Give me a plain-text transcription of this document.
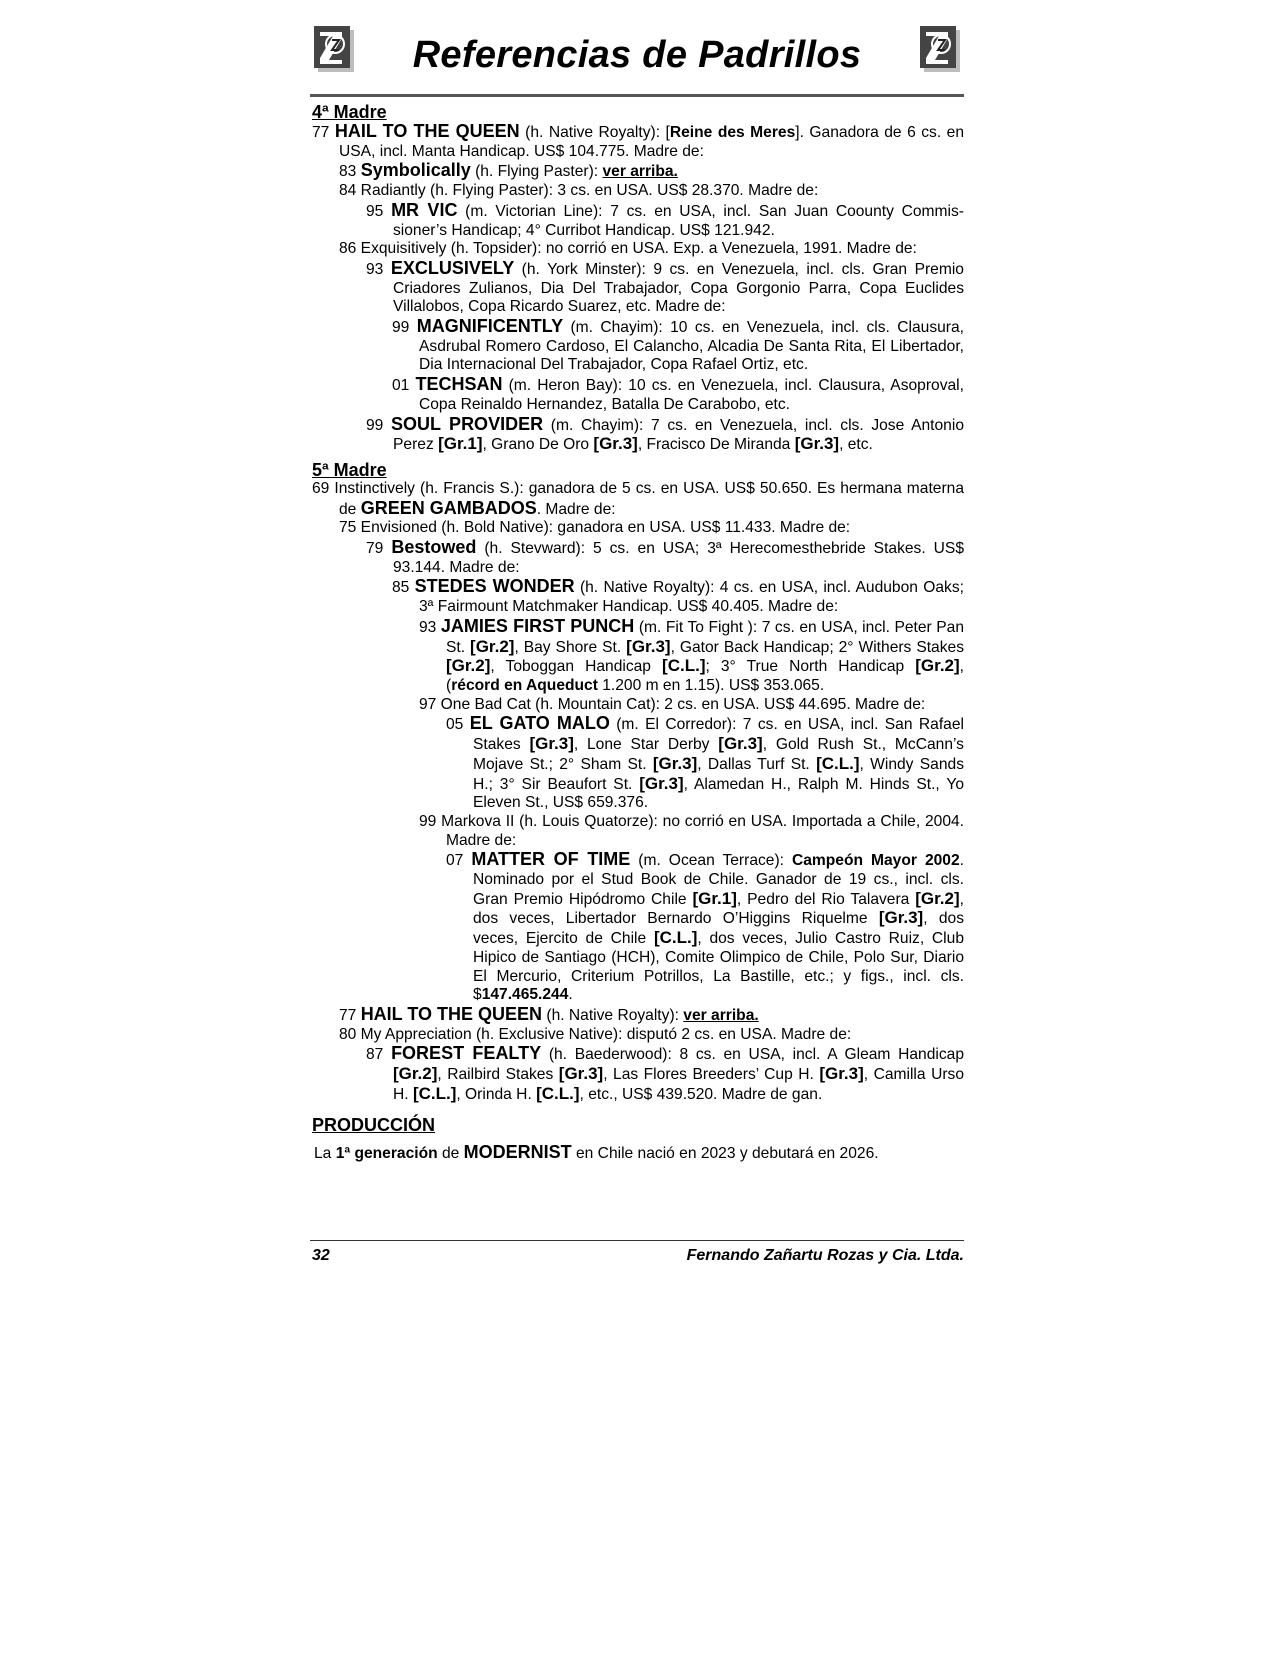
Referencias de Padrillos
4ª Madre
77 HAIL TO THE QUEEN (h. Native Royalty): [Reine des Meres]. Ganadora de 6 cs. en USA, incl. Manta Handicap. US$ 104.775. Madre de:
83 Symbolically (h. Flying Paster): ver arriba.
84 Radiantly (h. Flying Paster): 3 cs. en USA. US$ 28.370. Madre de:
95 MR VIC (m. Victorian Line): 7 cs. en USA, incl. San Juan Coounty Commissioner’s Handicap; 4° Curribot Handicap. US$ 121.942.
86 Exquisitively (h. Topsider): no corrió en USA. Exp. a Venezuela, 1991. Madre de:
93 EXCLUSIVELY (h. York Minster): 9 cs. en Venezuela, incl. cls. Gran Premio Criadores Zulianos, Dia Del Trabajador, Copa Gorgonio Parra, Copa Euclides Villalobos, Copa Ricardo Suarez, etc. Madre de:
99 MAGNIFICENTLY (m. Chayim): 10 cs. en Venezuela, incl. cls. Clausura, Asdrubal Romero Cardoso, El Calancho, Alcadia De Santa Rita, El Libertador, Dia Internacional Del Trabajador, Copa Rafael Ortiz, etc.
01 TECHSAN (m. Heron Bay): 10 cs. en Venezuela, incl. Clausura, Asoproval, Copa Reinaldo Hernandez, Batalla De Carabobo, etc.
99 SOUL PROVIDER (m. Chayim): 7 cs. en Venezuela, incl. cls. Jose Antonio Perez [Gr.1], Grano De Oro [Gr.3], Fracisco De Miranda [Gr.3], etc.
5ª Madre
69 Instinctively (h. Francis S.): ganadora de 5 cs. en USA. US$ 50.650. Es hermana materna de GREEN GAMBADOS. Madre de:
75 Envisioned (h. Bold Native): ganadora en USA. US$ 11.433. Madre de:
79 Bestowed (h. Stevward): 5 cs. en USA; 3ª Herecomesthebride Stakes. US$ 93.144. Madre de:
85 STEDES WONDER (h. Native Royalty): 4 cs. en USA, incl. Audubon Oaks; 3ª Fairmount Matchmaker Handicap. US$ 40.405. Madre de:
93 JAMIES FIRST PUNCH (m. Fit To Fight ): 7 cs. en USA, incl. Peter Pan St. [Gr.2], Bay Shore St. [Gr.3], Gator Back Handicap; 2° Withers Stakes [Gr.2], Toboggan Handicap [C.L.]; 3° True North Handicap [Gr.2], (récord en Aqueduct 1.200 m en 1.15). US$ 353.065.
97 One Bad Cat (h. Mountain Cat): 2 cs. en USA. US$ 44.695. Madre de:
05 EL GATO MALO (m. El Corredor): 7 cs. en USA, incl. San Rafael Stakes [Gr.3], Lone Star Derby [Gr.3], Gold Rush St., McCann’s Mojave St.; 2° Sham St. [Gr.3], Dallas Turf St. [C.L.], Windy Sands H.; 3° Sir Beaufort St. [Gr.3], Alamedan H., Ralph M. Hinds St., Yo Eleven St., US$ 659.376.
99 Markova II (h. Louis Quatorze): no corrió en USA. Importada a Chile, 2004. Madre de:
07 MATTER OF TIME (m. Ocean Terrace): Campeón Mayor 2002. Nominado por el Stud Book de Chile. Ganador de 19 cs., incl. cls. Gran Premio Hipódromo Chile [Gr.1], Pedro del Rio Talavera [Gr.2], dos veces, Libertador Bernardo O’Higgins Riquelme [Gr.3], dos veces, Ejercito de Chile [C.L.], dos veces, Julio Castro Ruiz, Club Hipico de Santiago (HCH), Comite Olimpico de Chile, Polo Sur, Diario El Mercurio, Criterium Potrillos, La Bastille, etc.; y figs., incl. cls. $147.465.244.
77 HAIL TO THE QUEEN (h. Native Royalty): ver arriba.
80 My Appreciation (h. Exclusive Native): disputó 2 cs. en USA. Madre de:
87 FOREST FEALTY (h. Baederwood): 8 cs. en USA, incl. A Gleam Handicap [Gr.2], Railbird Stakes [Gr.3], Las Flores Breeders’ Cup H. [Gr.3], Camilla Urso H. [C.L.], Orinda H. [C.L.], etc., US$ 439.520. Madre de gan.
PRODUCCIÓN
La 1ª generación de MODERNIST en Chile nació en 2023 y debutará en 2026.
32	Fernando Zañartu Rozas y Cia. Ltda.
